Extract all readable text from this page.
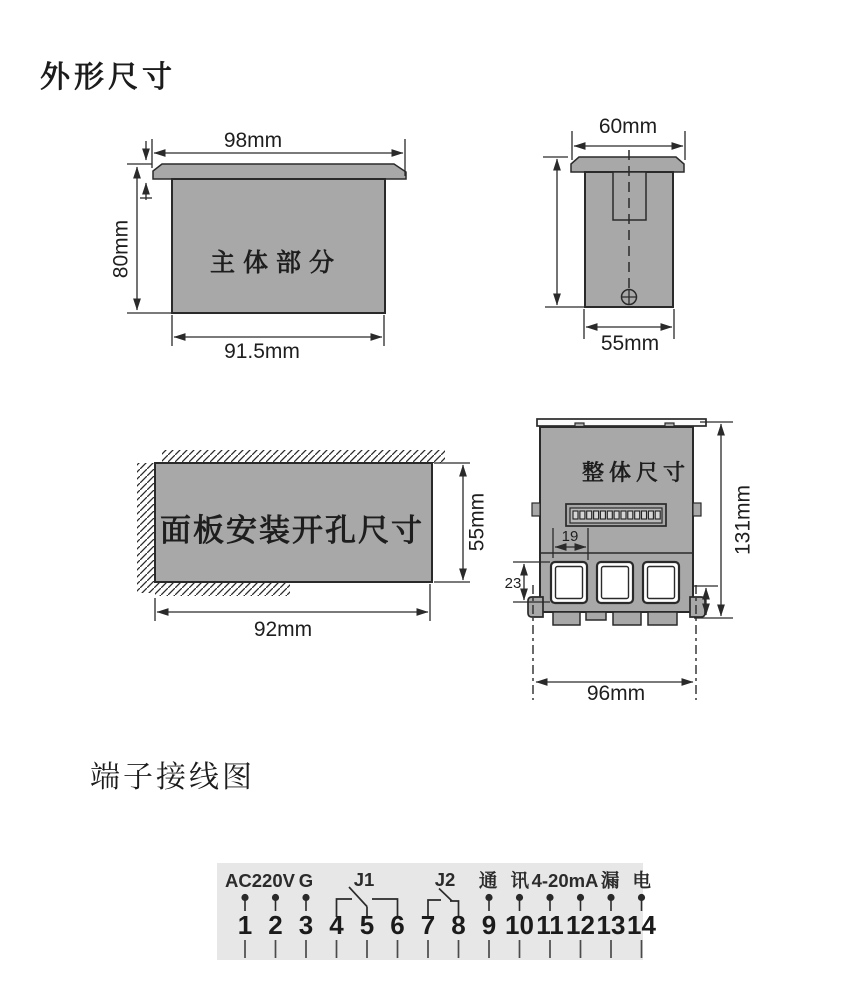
外形尺寸
端子接线图
主体部分
98mm
80mm
91.5mm
60mm
55mm
面板安装开孔尺寸 55mm
92mm
整体尺寸
19
23
131mm
96mm
AC220V G J1	J2 通 讯
4-20mA 漏 电
1 2 3 4 5 6 7 8 9 10 11 12 13 14
